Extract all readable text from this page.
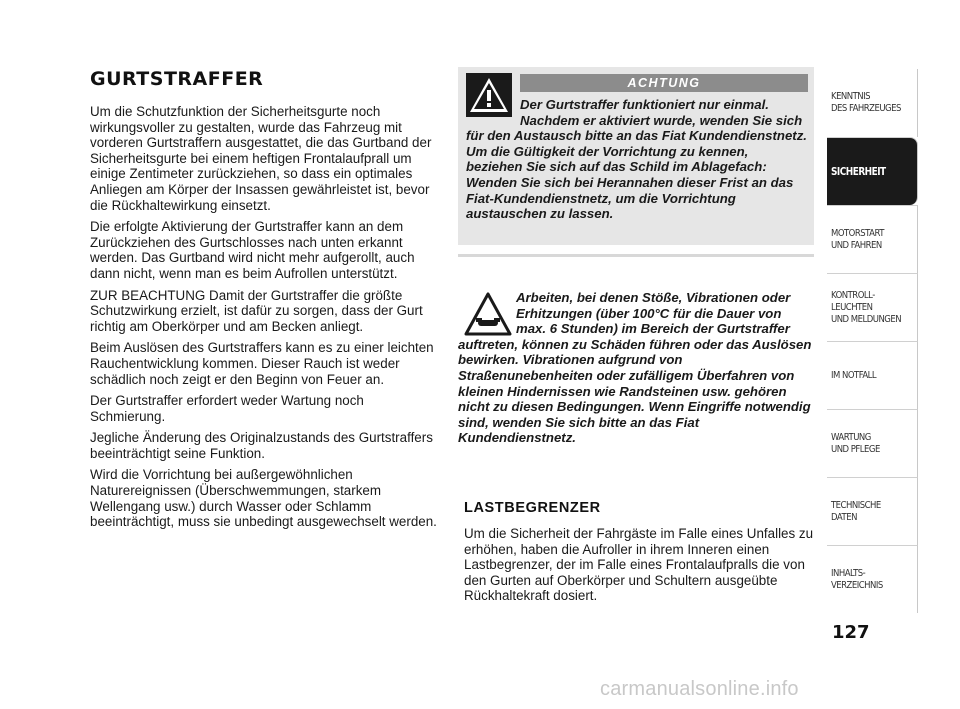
GURTSTRAFFER

Um die Schutzfunktion der Sicherheitsgurte noch wirkungsvoller zu gestalten, wurde das Fahrzeug mit vorderen Gurtstraffern ausgestattet, die das Gurtband der Sicherheitsgurte bei einem heftigen Frontalaufprall um einige Zentimeter zurückziehen, so dass ein optimales Anliegen am Körper der Insassen gewährleistet ist, bevor die Rückhaltewirkung einsetzt.

Die erfolgte Aktivierung der Gurtstraffer kann an dem Zurückziehen des Gurtschlosses nach unten erkannt werden. Das Gurtband wird nicht mehr aufgerollt, auch dann nicht, wenn man es beim Aufrollen unterstützt.

ZUR BEACHTUNG Damit der Gurtstraffer die größte Schutzwirkung erzielt, ist dafür zu sorgen, dass der Gurt richtig am Oberkörper und am Becken anliegt.

Beim Auslösen des Gurtstraffers kann es zu einer leichten Rauchentwicklung kommen. Dieser Rauch ist weder schädlich noch zeigt er den Beginn von Feuer an.

Der Gurtstraffer erfordert weder Wartung noch Schmierung.

Jegliche Änderung des Originalzustands des Gurtstraffers beeinträchtigt seine Funktion.

Wird die Vorrichtung bei außergewöhnlichen Naturereignissen (Überschwemmungen, starkem Wellengang usw.) durch Wasser oder Schlamm beeinträchtigt, muss sie unbedingt ausgewechselt werden.

ACHTUNG
Der Gurtstraffer funktioniert nur einmal. Nachdem er aktiviert wurde, wenden Sie sich für den Austausch bitte an das Fiat Kundendienstnetz. Um die Gültigkeit der Vorrichtung zu kennen, beziehen Sie sich auf das Schild im Ablagefach: Wenden Sie sich bei Herannahen dieser Frist an das Fiat-Kundendienstnetz, um die Vorrichtung austauschen zu lassen.
Arbeiten, bei denen Stöße, Vibrationen oder Erhitzungen (über 100°C für die Dauer von max. 6 Stunden) im Bereich der Gurtstraffer auftreten, können zu Schäden führen oder das Auslösen bewirken. Vibrationen aufgrund von Straßenunebenheiten oder zufälligem Überfahren von kleinen Hindernissen wie Randsteinen usw. gehören nicht zu diesen Bedingungen. Wenn Eingriffe notwendig sind, wenden Sie sich bitte an das Fiat Kundendienstnetz.
LASTBEGRENZER

Um die Sicherheit der Fahrgäste im Falle eines Unfalles zu erhöhen, haben die Aufroller in ihrem Inneren einen Lastbegrenzer, der im Falle eines Frontalaufpralls die von den Gurten auf Oberkörper und Schultern ausgeübte Rückhaltekraft dosiert.

KENNTNIS
DES FAHRZEUGES
SICHERHEIT
MOTORSTART
UND FAHREN
KONTROLL-
LEUCHTEN
UND MELDUNGEN
IM NOTFALL
WARTUNG
UND PFLEGE
TECHNISCHE
DATEN
INHALTS-
VERZEICHNIS
127
carmanualsonline.info
